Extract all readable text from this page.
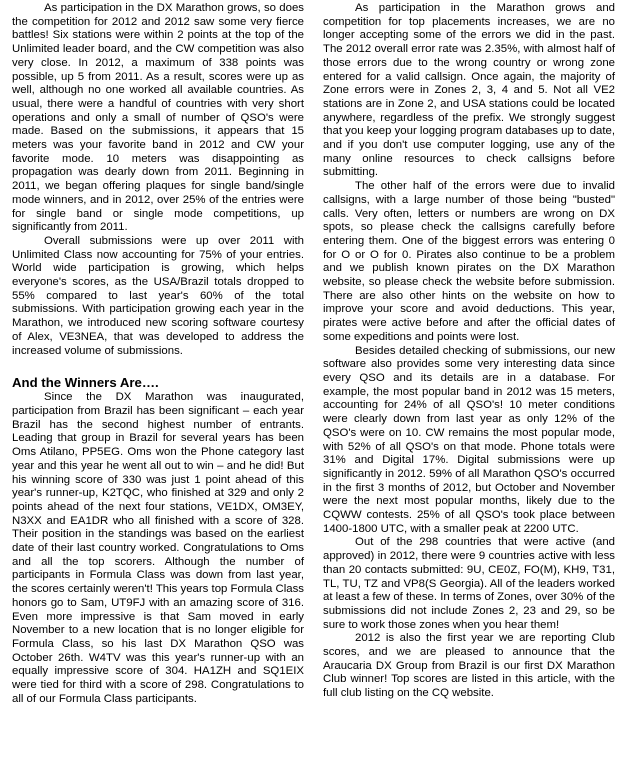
As participation in the DX Marathon grows, so does the competition for 2012 and 2012 saw some very fierce battles! Six stations were within 2 points at the top of the Unlimited leader board, and the CW competition was also very close. In 2012, a maximum of 338 points was possible, up 5 from 2011. As a result, scores were up as well, although no one worked all available countries. As usual, there were a handful of countries with very short operations and only a small of number of QSO's were made. Based on the submissions, it appears that 15 meters was your favorite band in 2012 and CW your favorite mode. 10 meters was disappointing as propagation was dearly down from 2011. Beginning in 2011, we began offering plaques for single band/single mode winners, and in 2012, over 25% of the entries were for single band or single mode competitions, up significantly from 2011.

Overall submissions were up over 2011 with Unlimited Class now accounting for 75% of your entries. World wide participation is growing, which helps everyone's scores, as the USA/Brazil totals dropped to 55% compared to last year's 60% of the total submissions. With participation growing each year in the Marathon, we introduced new scoring software courtesy of Alex, VE3NEA, that was developed to address the increased volume of submissions.

And the Winners Are….

Since the DX Marathon was inaugurated, participation from Brazil has been significant – each year Brazil has the second highest number of entrants. Leading that group in Brazil for several years has been Oms Atilano, PP5EG. Oms won the Phone category last year and this year he went all out to win – and he did! But his winning score of 330 was just 1 point ahead of this year's runner-up, K2TQC, who finished at 329 and only 2 points ahead of the next four stations, VE1DX, OM3EY, N3XX and EA1DR who all finished with a score of 328. Their position in the standings was based on the earliest date of their last country worked. Congratulations to Oms and all the top scorers. Although the number of participants in Formula Class was down from last year, the scores certainly weren't! This years top Formula Class honors go to Sam, UT9FJ with an amazing score of 316. Even more impressive is that Sam moved in early November to a new location that is no longer eligible for Formula Class, so his last DX Marathon QSO was October 26th. W4TV was this year's runner-up with an equally impressive score of 304. HA1ZH and SQ1EIX were tied for third with a score of 298. Congratulations to all of our Formula Class participants.

As participation in the Marathon grows and competition for top placements increases, we are no longer accepting some of the errors we did in the past. The 2012 overall error rate was 2.35%, with almost half of those errors due to the wrong country or wrong zone entered for a valid callsign. Once again, the majority of Zone errors were in Zones 2, 3, 4 and 5. Not all VE2 stations are in Zone 2, and USA stations could be located anywhere, regardless of the prefix. We strongly suggest that you keep your logging program databases up to date, and if you don't use computer logging, use any of the many online resources to check callsigns before submitting.

The other half of the errors were due to invalid callsigns, with a large number of those being "busted" calls. Very often, letters or numbers are wrong on DX spots, so please check the callsigns carefully before entering them. One of the biggest errors was entering 0 for O or O for 0. Pirates also continue to be a problem and we publish known pirates on the DX Marathon website, so please check the website before submission. There are also other hints on the website on how to improve your score and avoid deductions. This year, pirates were active before and after the official dates of some expeditions and points were lost.

Besides detailed checking of submissions, our new software also provides some very interesting data since every QSO and its details are in a database. For example, the most popular band in 2012 was 15 meters, accounting for 24% of all QSO's! 10 meter conditions were clearly down from last year as only 12% of the QSO's were on 10. CW remains the most popular mode, with 52% of all QSO's on that mode. Phone totals were 31% and Digital 17%. Digital submissions were up significantly in 2012. 59% of all Marathon QSO's occurred in the first 3 months of 2012, but October and November were the next most popular months, likely due to the CQWW contests. 25% of all QSO's took place between 1400-1800 UTC, with a smaller peak at 2200 UTC.

Out of the 298 countries that were active (and approved) in 2012, there were 9 countries active with less than 20 contacts submitted: 9U, CE0Z, FO(M), KH9, T31, TL, TU, TZ and VP8(S Georgia). All of the leaders worked at least a few of these. In terms of Zones, over 30% of the submissions did not include Zones 2, 23 and 29, so be sure to work those zones when you hear them!

2012 is also the first year we are reporting Club scores, and we are pleased to announce that the Araucaria DX Group from Brazil is our first DX Marathon Club winner! Top scores are listed in this article, with the full club listing on the CQ website.
